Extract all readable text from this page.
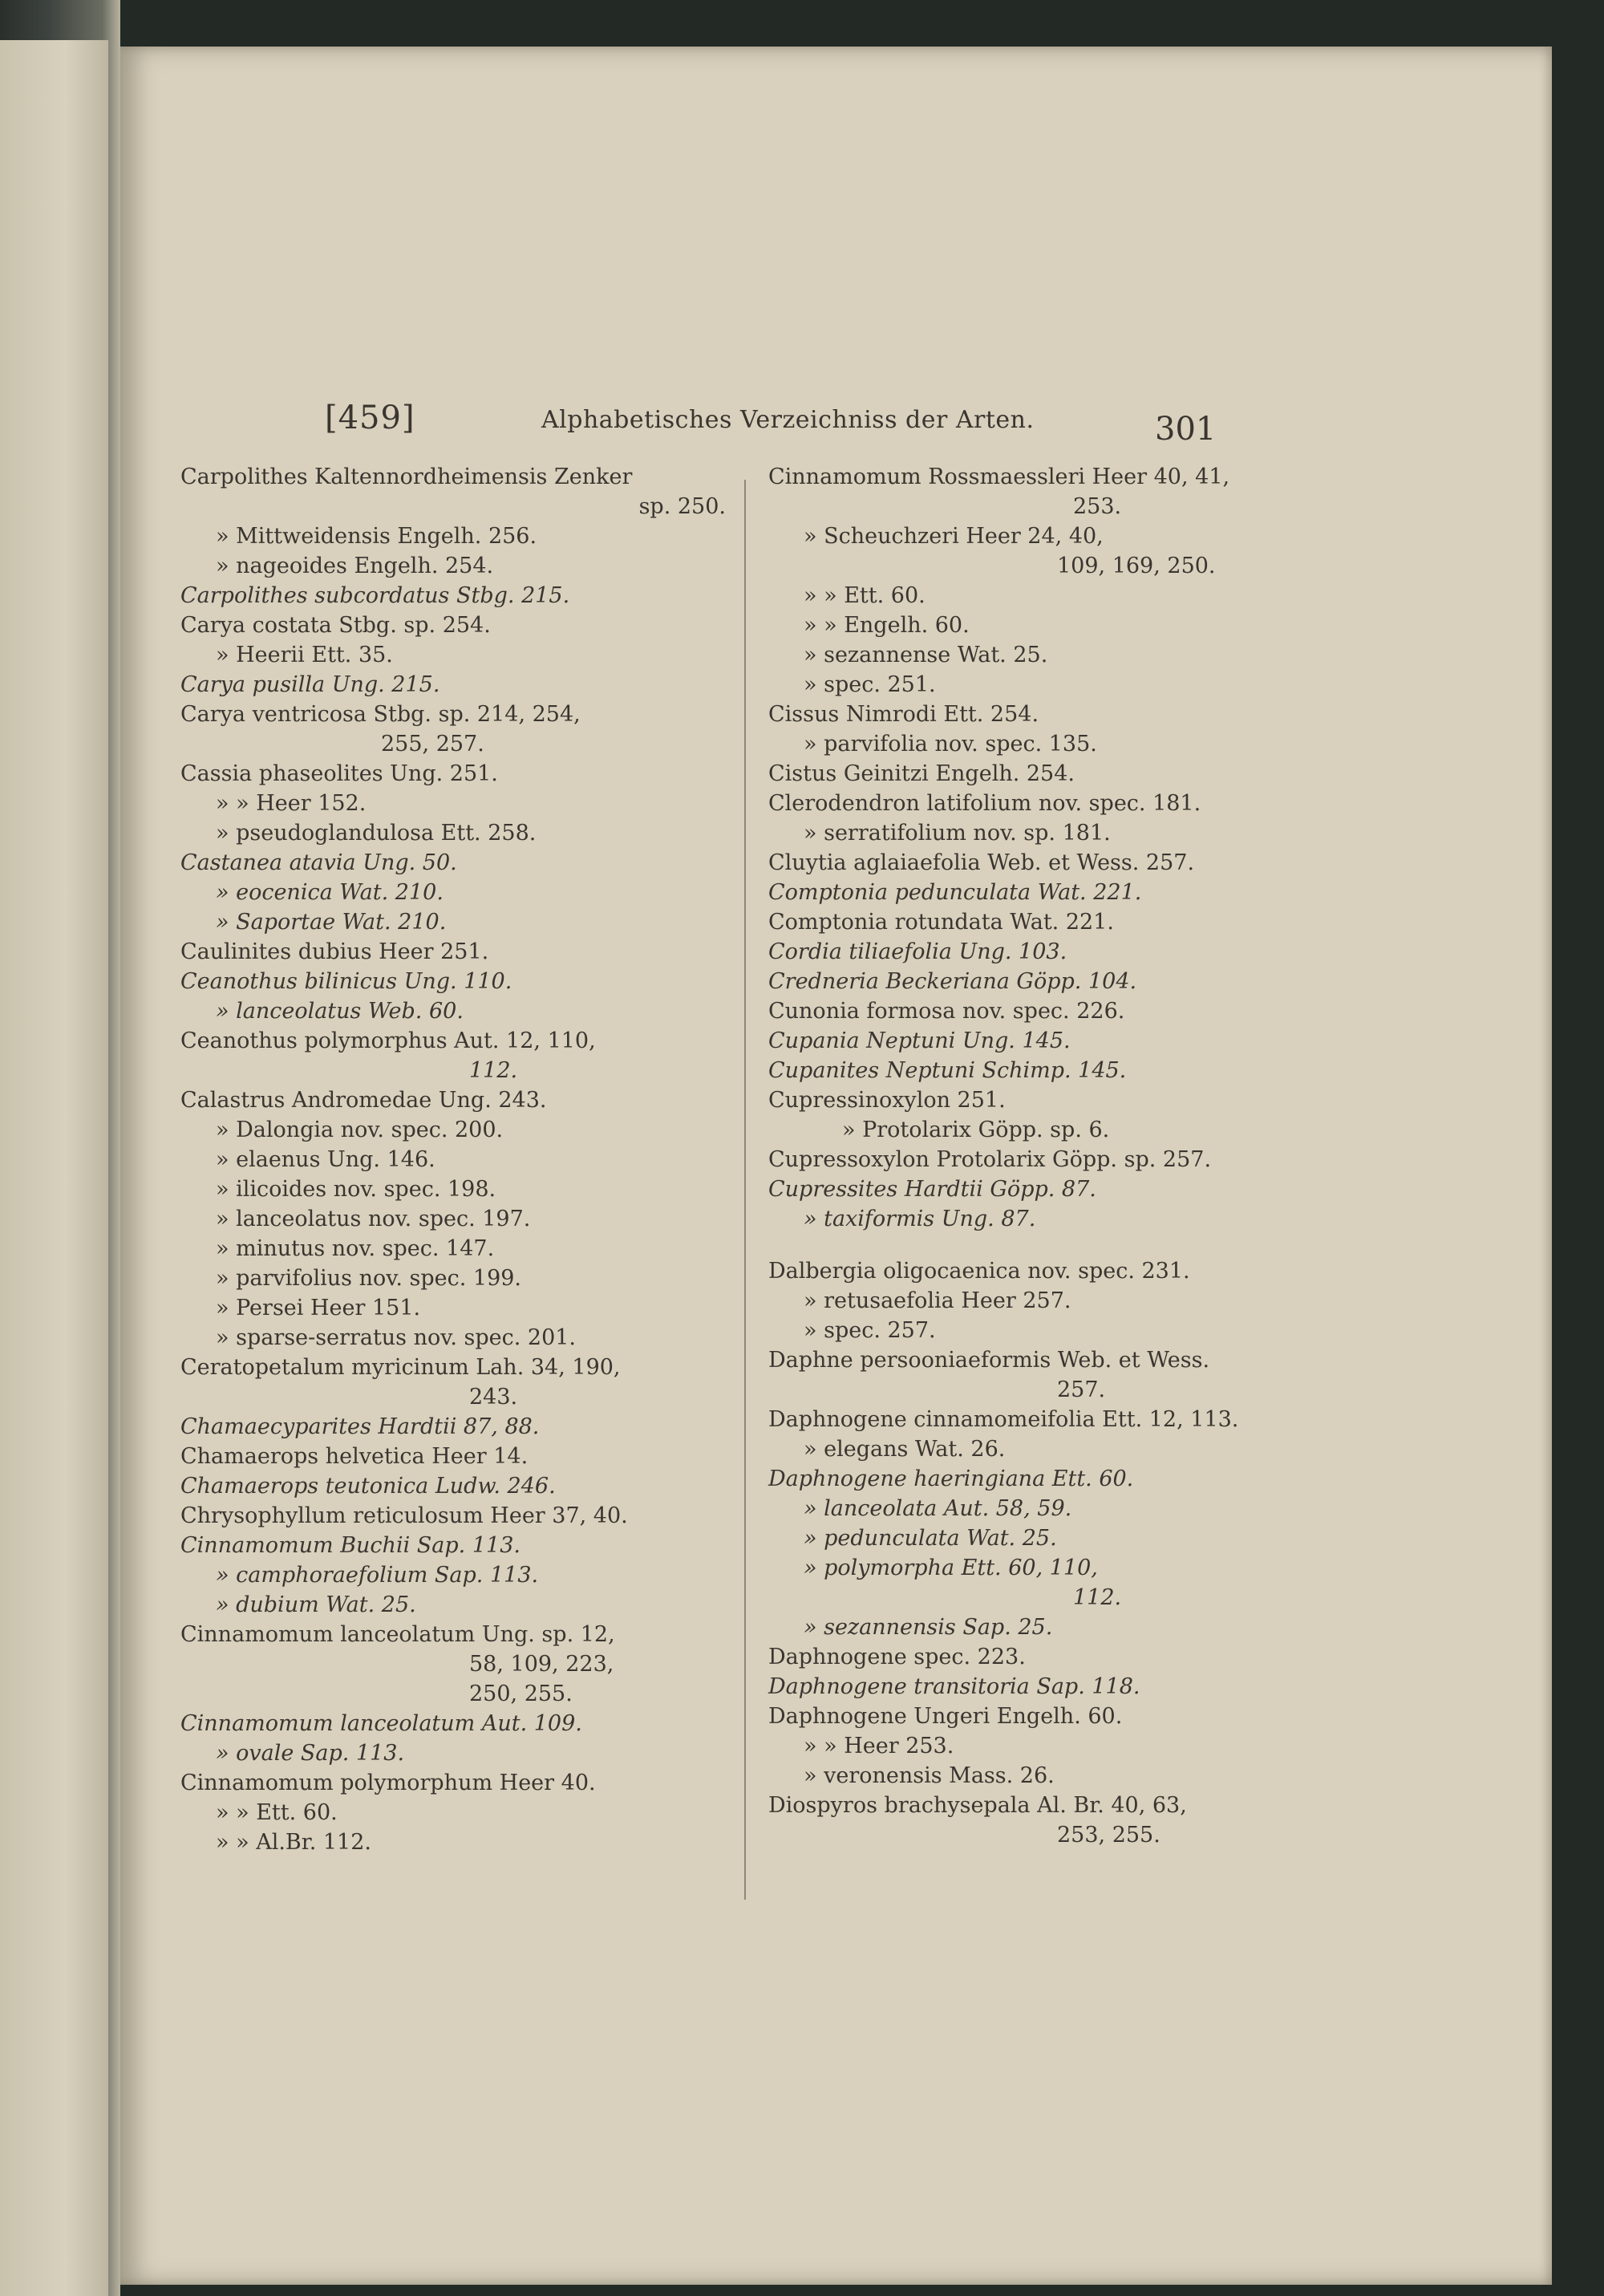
[459]	Alphabetisches Verzeichniss der Arten.	301
Carpolithes Kaltennordheimensis Zenker
sp. 250.
» Mittweidensis Engelh. 256.
» nageoides Engelh. 254.
Carpolithes subcordatus Stbg. 215.
Carya costata Stbg. sp. 254.
» Heerii Ett. 35.
Carya pusilla Ung. 215.
Carya ventricosa Stbg. sp. 214, 254,
255, 257.
Cassia phaseolites Ung. 251.
» » Heer 152.
» pseudoglandulosa Ett. 258.
Castanea atavia Ung. 50.
» eocenica Wat. 210.
» Saportae Wat. 210.
Caulinites dubius Heer 251.
Ceanothus bilinicus Ung. 110.
» lanceolatus Web. 60.
Ceanothus polymorphus Aut. 12, 110,
112.
Calastrus Andromedae Ung. 243.
» Dalongia nov. spec. 200.
» elaenus Ung. 146.
» ilicoides nov. spec. 198.
» lanceolatus nov. spec. 197.
» minutus nov. spec. 147.
» parvifolius nov. spec. 199.
» Persei Heer 151.
» sparse-serratus nov. spec. 201.
Ceratopetalum myricinum Lah. 34, 190,
243.
Chamaecyparites Hardtii 87, 88.
Chamaerops helvetica Heer 14.
Chamaerops teutonica Ludw. 246.
Chrysophyllum reticulosum Heer 37, 40.
Cinnamomum Buchii Sap. 113.
» camphoraefolium Sap. 113.
» dubium Wat. 25.
Cinnamomum lanceolatum Ung. sp. 12,
58, 109, 223,
250, 255.
Cinnamomum lanceolatum Aut. 109.
» ovale Sap. 113.
Cinnamomum polymorphum Heer 40.
» » Ett. 60.
» » Al.Br. 112.
Cinnamomum Rossmaessleri Heer 40, 41,
253.
» Scheuchzeri Heer 24, 40,
109, 169, 250.
» » Ett. 60.
» » Engelh. 60.
» sezannense Wat. 25.
» spec. 251.
Cissus Nimrodi Ett. 254.
» parvifolia nov. spec. 135.
Cistus Geinitzi Engelh. 254.
Clerodendron latifolium nov. spec. 181.
» serratifolium nov. sp. 181.
Cluytia aglaiaefolia Web. et Wess. 257.
Comptonia pedunculata Wat. 221.
Comptonia rotundata Wat. 221.
Cordia tiliaefolia Ung. 103.
Credneria Beckeriana Göpp. 104.
Cunonia formosa nov. spec. 226.
Cupania Neptuni Ung. 145.
Cupanites Neptuni Schimp. 145.
Cupressinoxylon 251.
» Protolarix Göpp. sp. 6.
Cupressoxylon Protolarix Göpp. sp. 257.
Cupressites Hardtii Göpp. 87.
» taxiformis Ung. 87.
Dalbergia oligocaenica nov. spec. 231.
» retusaefolia Heer 257.
» spec. 257.
Daphne persooniaeformis Web. et Wess.
257.
Daphnogene cinnamomeifolia Ett. 12, 113.
» elegans Wat. 26.
Daphnogene haeringiana Ett. 60.
» lanceolata Aut. 58, 59.
» pedunculata Wat. 25.
» polymorpha Ett. 60, 110,
112.
» sezannensis Sap. 25.
Daphnogene spec. 223.
Daphnogene transitoria Sap. 118.
Daphnogene Ungeri Engelh. 60.
» » Heer 253.
» veronensis Mass. 26.
Diospyros brachysepala Al. Br. 40, 63,
253, 255.
